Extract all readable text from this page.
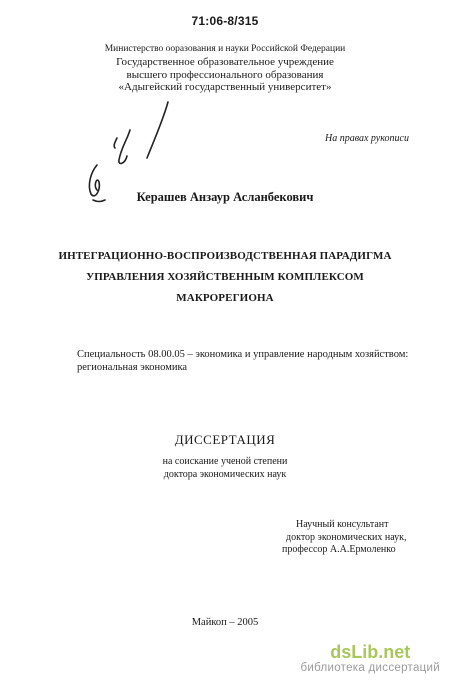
71:06-8/315
Министерство ооразования и науки Российской Федерации
Государственное образовательное учреждение
высшего профессионального образования
«Адыгейский государственный университет»
На правах рукописи
Керашев Анзаур Асланбекович
ИНТЕГРАЦИОННО-ВОСПРОИЗВОДСТВЕННАЯ ПАРАДИГМА
УПРАВЛЕНИЯ ХОЗЯЙСТВЕННЫМ КОМПЛЕКСОМ
МАКРОРЕГИОНА
Специальность 08.00.05 – экономика и управление народным хозяйством:
региональная экономика
ДИССЕРТАЦИЯ
на соискание ученой степени
доктора экономических наук
Научный консультант
доктор экономических наук,
профессор А.А.Ермоленко
Майкоп – 2005
dsLib.net
библиотека диссертаций
